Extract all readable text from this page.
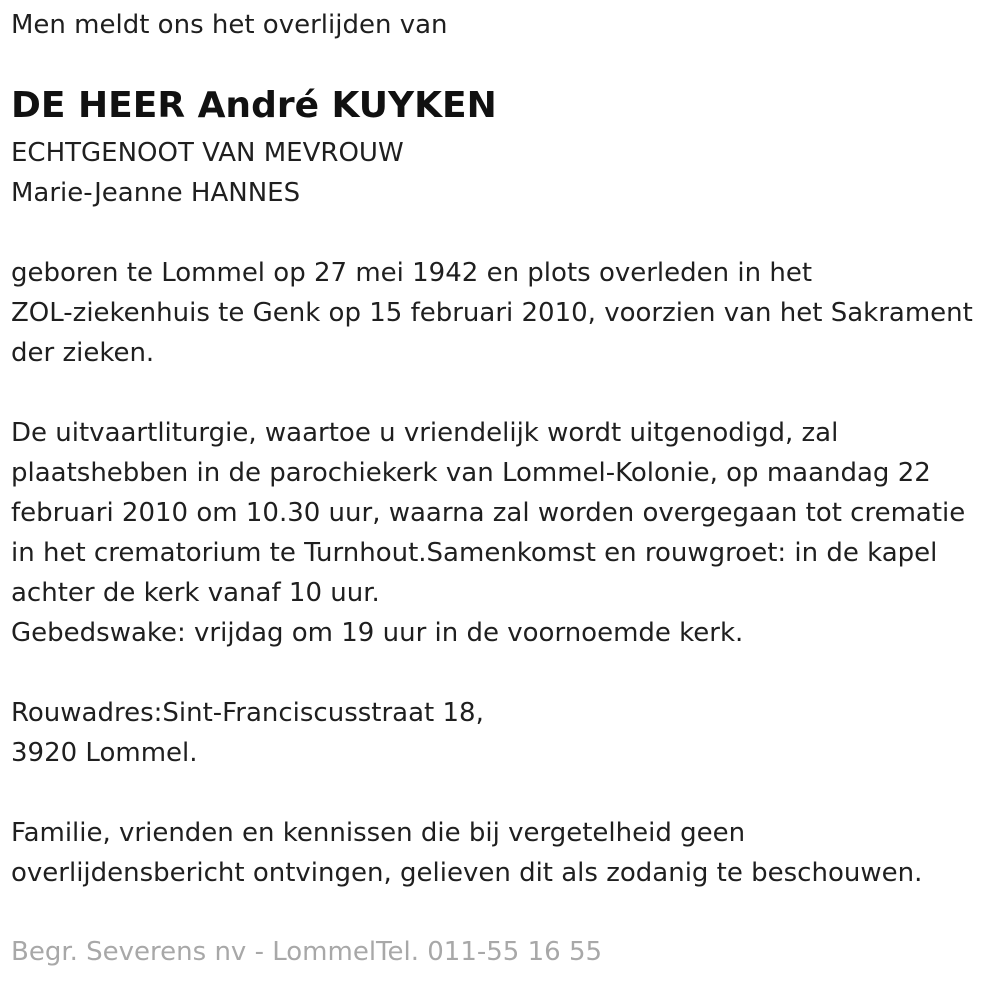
Men meldt ons het overlijden van
DE HEER André KUYKEN
ECHTGENOOT VAN MEVROUW
Marie-Jeanne HANNES
geboren te Lommel op 27 mei 1942 en plots overleden in het
ZOL-ziekenhuis te Genk op 15 februari 2010, voorzien van het Sakrament
der zieken.
De uitvaartliturgie, waartoe u vriendelijk wordt uitgenodigd, zal
plaatshebben in de parochiekerk van Lommel-Kolonie, op maandag 22
februari 2010 om 10.30 uur, waarna zal worden overgegaan tot crematie
in het crematorium te Turnhout.Samenkomst en rouwgroet: in de kapel
achter de kerk vanaf 10 uur.
Gebedswake: vrijdag om 19 uur in de voornoemde kerk.
Rouwadres:Sint-Franciscusstraat 18,
3920 Lommel.
Familie, vrienden en kennissen die bij vergetelheid geen
overlijdensbericht ontvingen, gelieven dit als zodanig te beschouwen.
Begr. Severens nv - LommelTel. 011-55 16 55
